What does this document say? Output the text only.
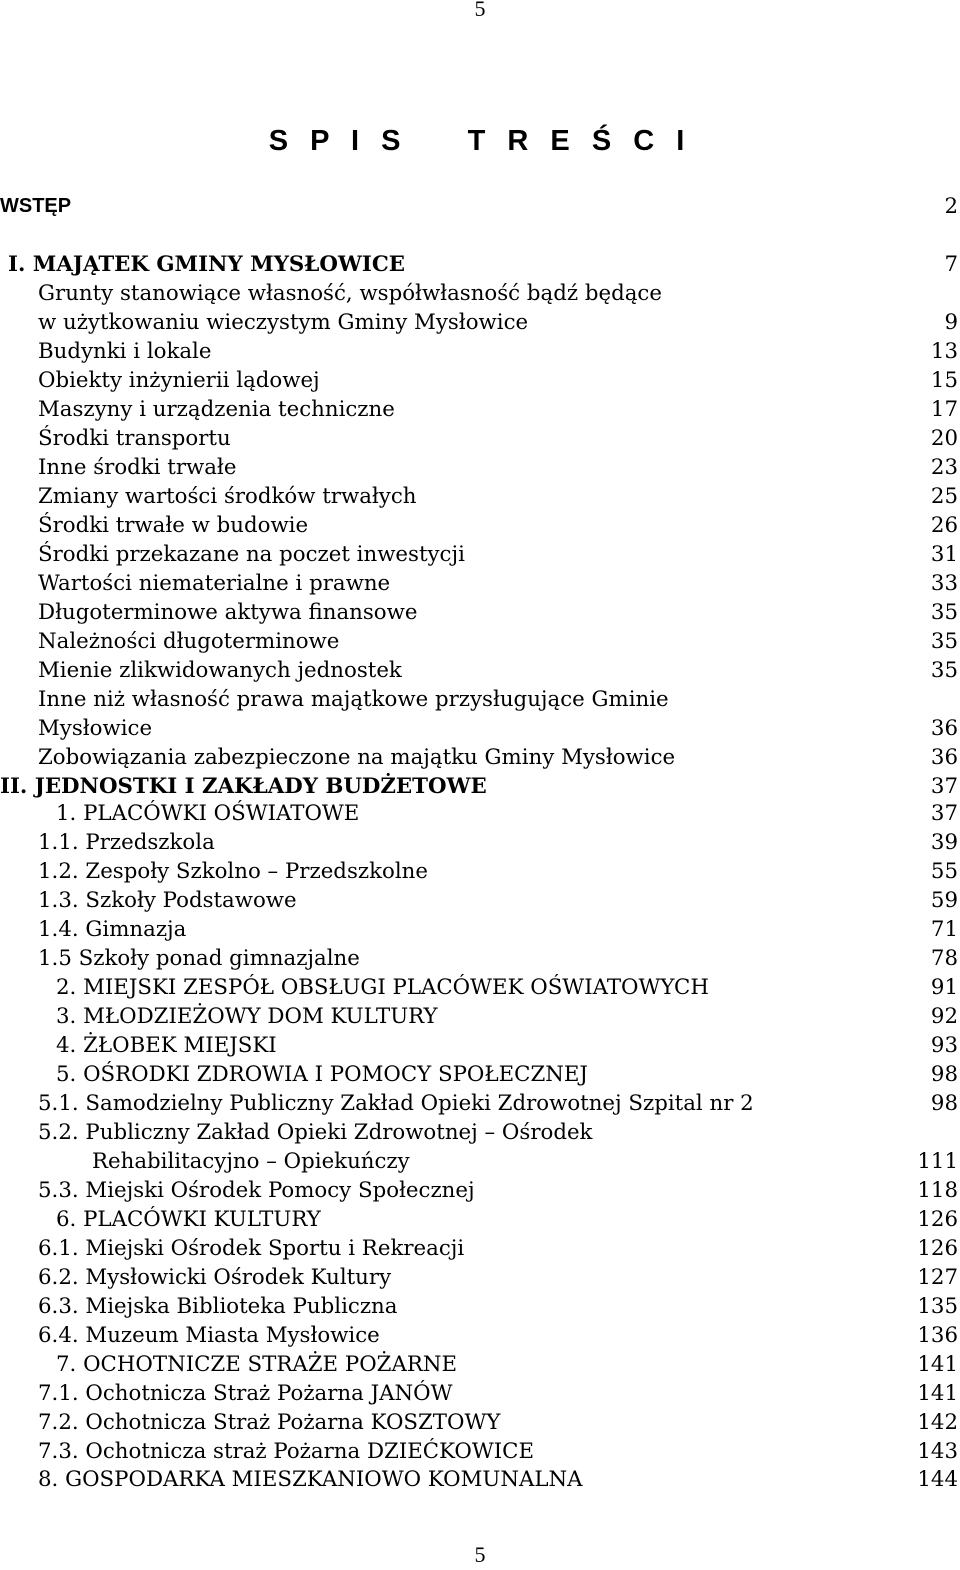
5
S P I S    T R E Ś C I
WSTĘP	2
I. MAJĄTEK GMINY MYSŁOWICE	7
Grunty stanowiące własność, współwłasność bądź będące
w użytkowaniu wieczystym Gminy Mysłowice	9
Budynki i lokale	13
Obiekty inżynierii lądowej	15
Maszyny i urządzenia techniczne	17
Środki transportu	20
Inne środki trwałe	23
Zmiany wartości środków trwałych	25
Środki trwałe w budowie	26
Środki przekazane na poczet inwestycji	31
Wartości niematerialne i prawne	33
Długoterminowe aktywa finansowe	35
Należności długoterminowe	35
Mienie zlikwidowanych jednostek	35
Inne niż własność prawa majątkowe przysługujące Gminie
Mysłowice	36
Zobowiązania zabezpieczone na majątku Gminy Mysłowice	36
II. JEDNOSTKI I ZAKŁADY BUDŻETOWE	37
1. PLACÓWKI OŚWIATOWE	37
1.1. Przedszkola	39
1.2. Zespoły Szkolno – Przedszkolne	55
1.3. Szkoły Podstawowe	59
1.4. Gimnazja	71
1.5 Szkoły ponad gimnazjalne	78
2. MIEJSKI ZESPÓŁ OBSŁUGI PLACÓWEK OŚWIATOWYCH	91
3. MŁODZIEŻOWY DOM KULTURY	92
4. ŻŁOBEK MIEJSKI	93
5. OŚRODKI ZDROWIA I POMOCY SPOŁECZNEJ	98
5.1. Samodzielny Publiczny Zakład Opieki Zdrowotnej Szpital nr 2	98
5.2. Publiczny Zakład Opieki Zdrowotnej – Ośrodek
Rehabilitacyjno – Opiekuńczy	111
5.3. Miejski Ośrodek Pomocy Społecznej	118
6. PLACÓWKI KULTURY	126
6.1. Miejski Ośrodek Sportu i Rekreacji	126
6.2. Mysłowicki Ośrodek Kultury	127
6.3. Miejska Biblioteka Publiczna	135
6.4. Muzeum Miasta Mysłowice	136
7. OCHOTNICZE STRAŻE POŻARNE	141
7.1. Ochotnicza Straż Pożarna JANÓW	141
7.2. Ochotnicza Straż Pożarna KOSZTOWY	142
7.3. Ochotnicza straż Pożarna DZIEĆKOWICE	143
8. GOSPODARKA MIESZKANIOWO KOMUNALNA	144
5
